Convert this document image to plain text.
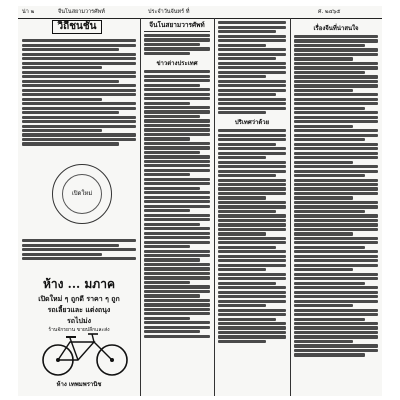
น่า ๒	จีนโนสยามวารศัพท์	ประจำวันจันทร์ ที่	ศ. ๒๔๖๕
วิถีชนชั้น
เปิดใหม่
ห้าง ... มภาค
เปิดใหม่ ๆ ถูกดี ราคา ๆ ถูก
รถเลี้ยวและ แต่งถนุง
รถไปม่ง
ร้านจักรยาน ขายปลีกและส่ง
ห้าง เทพมพรานิช
จีนโนสยามวารศัพท์
ข่าวต่างประเทศ
ปริเทศว่าด้วย
เรื่องจีนที่น่าสนใจ
